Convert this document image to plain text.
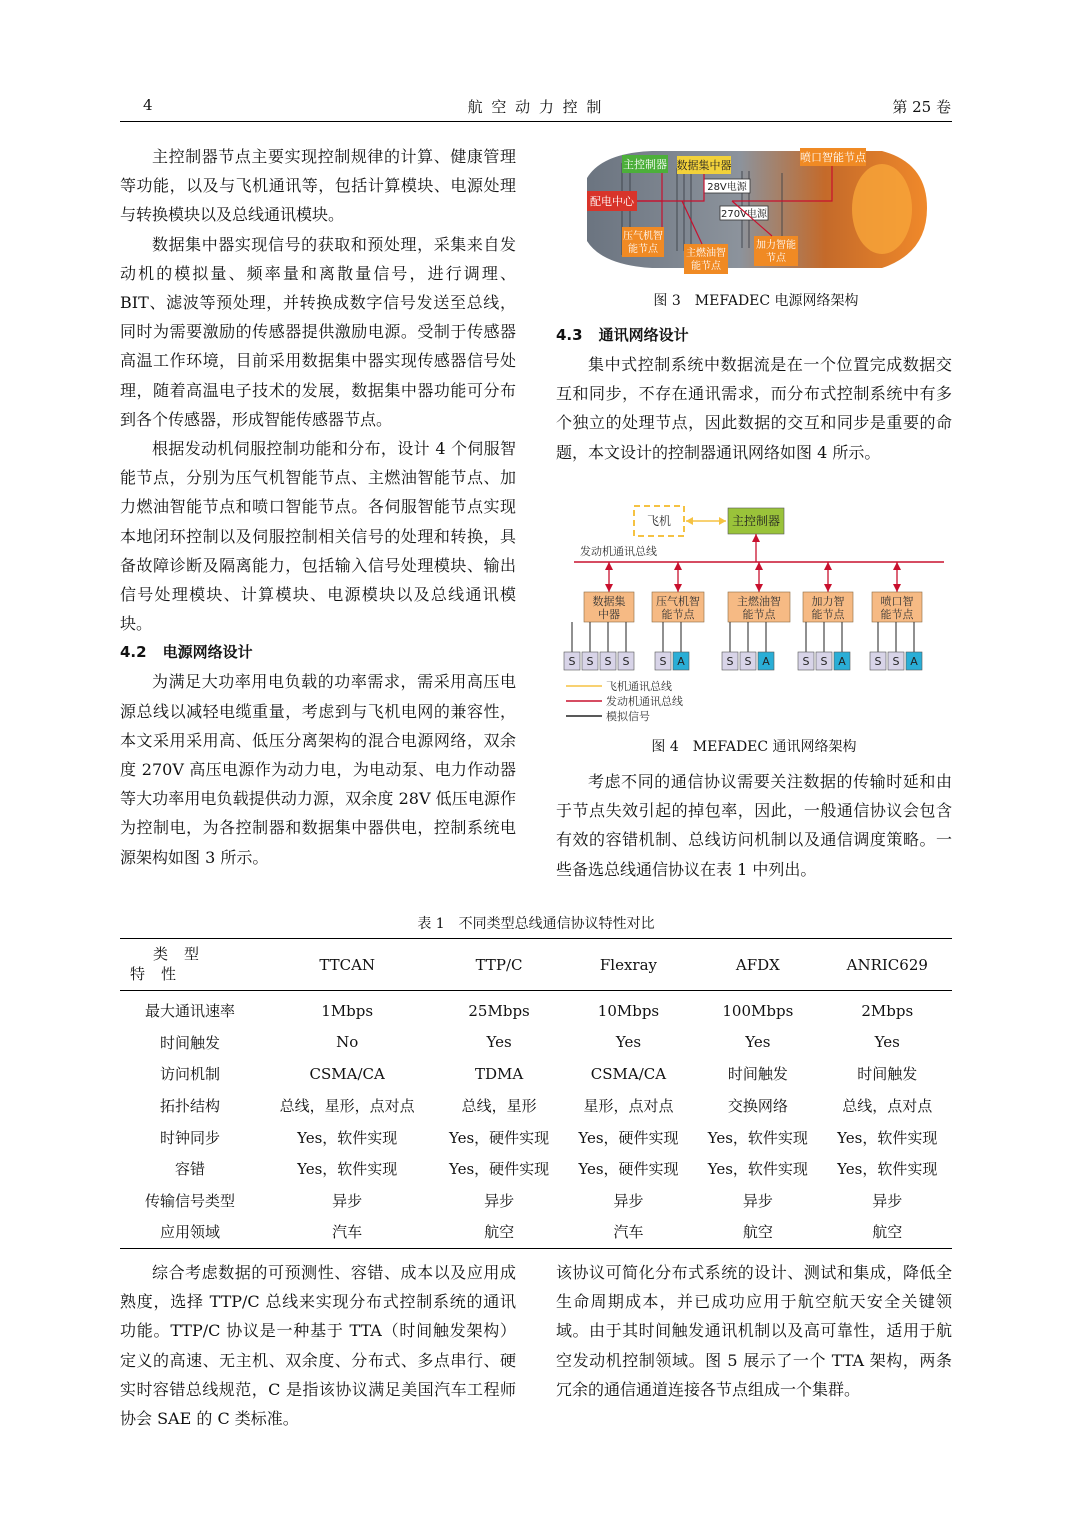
4	航 空 动 力 控 制	第 25 卷

主控制器节点主要实现控制规律的计算、健康管理等功能，以及与飞机通讯等，包括计算模块、电源处理与转换模块以及总线通讯模块。

数据集中器实现信号的获取和预处理，采集来自发动机的模拟量、频率量和离散量信号，进行调理、BIT、滤波等预处理，并转换成数字信号发送至总线，同时为需要激励的传感器提供激励电源。受制于传感器高温工作环境，目前采用数据集中器实现传感器信号处理，随着高温电子技术的发展，数据集中器功能可分布到各个传感器，形成智能传感器节点。

根据发动机伺服控制功能和分布，设计 4 个伺服智能节点，分别为压气机智能节点、主燃油智能节点、加力燃油智能节点和喷口智能节点。各伺服智能节点实现本地闭环控制以及伺服控制相关信号的处理和转换，具备故障诊断及隔离能力，包括输入信号处理模块、输出信号处理模块、计算模块、电源模块以及总线通讯模块。

4.2 电源网络设计

为满足大功率用电负载的功率需求，需采用高压电源总线以减轻电缆重量，考虑到与飞机电网的兼容性，本文采用采用高、低压分离架构的混合电源网络，双余度 270V 高压电源作为动力电，为电动泵、电力作动器等大功率用电负载提供动力源，双余度 28V 低压电源作为控制电，为各控制器和数据集中器供电，控制系统电源架构如图 3 所示。

主控制器 数据集中器
喷口智能节点
28V电源
配电中心
270V电源
压气机智
能节点	主燃油智
能节点
加力智能
节点
图 3　MEFADEC 电源网络架构
4.3 通讯网络设计

集中式控制系统中数据流是在一个位置完成数据交互和同步，不存在通讯需求，而分布式控制系统中有多个独立的处理节点，因此数据的交互和同步是重要的命题，本文设计的控制器通讯网络如图 4 所示。

飞机	主控制器
发动机通讯总线
数据集
中器
S S S S
压气机智
能节点
S A
主燃油智
能节点
S S A
加力智
能节点
S S A
喷口智
能节点
S S A
飞机通讯总线
发动机通讯总线
模拟信号
图 4　MEFADEC 通讯网络架构

考虑不同的通信协议需要关注数据的传输时延和由于节点失效引起的掉包率，因此，一般通信协议会包含有效的容错机制、总线访问机制以及通信调度策略。一些备选总线通信协议在表 1 中列出。

表 1　不同类型总线通信协议特性对比
类型
特性	TTCAN	TTP/C	Flexray	AFDX	ANRIC629
最大通讯速率	1Mbps	25Mbps	10Mbps	100Mbps	2Mbps
时间触发	No	Yes	Yes	Yes	Yes
访问机制	CSMA/CA	TDMA	CSMA/CA	时间触发	时间触发
拓扑结构	总线，星形，点对点	总线，星形	星形，点对点	交换网络	总线，点对点
时钟同步	Yes，软件实现	Yes，硬件实现	Yes，硬件实现	Yes，软件实现	Yes，软件实现
容错	Yes，软件实现	Yes，硬件实现	Yes，硬件实现	Yes，软件实现	Yes，软件实现
传输信号类型	异步	异步	异步	异步	异步
应用领域	汽车	航空	汽车	航空	航空

综合考虑数据的可预测性、容错、成本以及应用成熟度，选择 TTP/C 总线来实现分布式控制系统的通讯功能。TTP/C 协议是一种基于 TTA（时间触发架构）定义的高速、无主机、双余度、分布式、多点串行、硬实时容错总线规范，C 是指该协议满足美国汽车工程师协会 SAE 的 C 类标准。

该协议可简化分布式系统的设计、测试和集成，降低全生命周期成本，并已成功应用于航空航天安全关键领域。由于其时间触发通讯机制以及高可靠性，适用于航空发动机控制领域。图 5 展示了一个 TTA 架构，两条冗余的通信通道连接各节点组成一个集群。
